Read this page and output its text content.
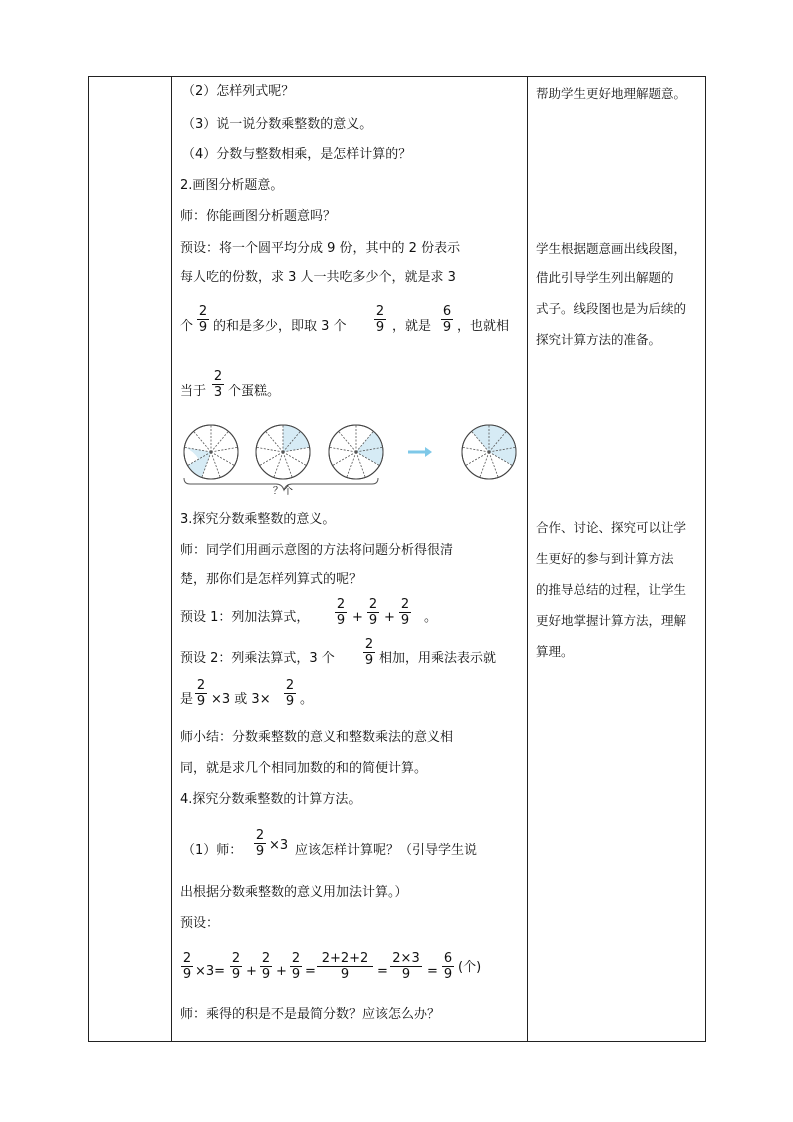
（2）怎样列式呢？
（3）说一说分数乘整数的意义。
（4）分数与整数相乘，是怎样计算的？
2.画图分析题意。
师：你能画图分析题意吗？
预设：将一个圆平均分成 9 份，其中的 2 份表示
每人吃的份数，求 3 人一共吃多少个，就是求 3
个
2
9 的和是多少，即取 3 个
2
9 ，就是
6
9 ，也就相
当于
2
3 个蛋糕。
？个
3.探究分数乘整数的意义。
师：同学们用画示意图的方法将问题分析得很清
楚，那你们是怎样列算式的呢？
预设 1：列加法算式，
2
9 +
2
9 +
2
9 。
预设 2：列乘法算式，3 个
2
9 相加，用乘法表示就
是
2
9 ×3 或 3×
2
9 。
师小结：分数乘整数的意义和整数乘法的意义相
同，就是求几个相同加数的和的简便计算。
4.探究分数乘整数的计算方法。
（1）师：
2
9 ×3 应该怎样计算呢？（引导学生说
出根据分数乘整数的意义用加法计算。）
预设：
2
9 ×3=
2
9 +
2
9 +
2
9 =
2+2+2
9	=
2×3
9	=
6
9 (个)
师：乘得的积是不是最简分数？应该怎么办？
帮助学生更好地理解题意。
学生根据题意画出线段图，
借此引导学生列出解题的
式子。线段图也是为后续的
探究计算方法的准备。
合作、讨论、探究可以让学
生更好的参与到计算方法
的推导总结的过程，让学生
更好地掌握计算方法，理解
算理。
